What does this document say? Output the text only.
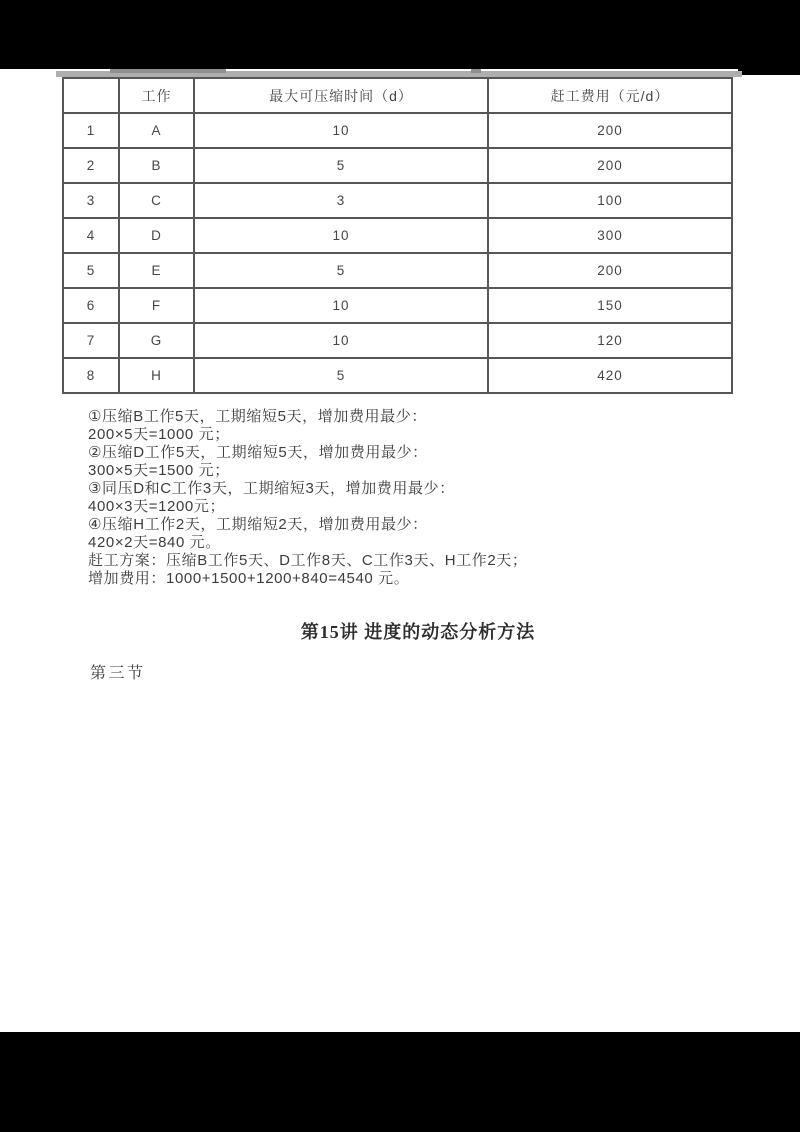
	工作	最大可压缩时间（d）	赶工费用（元/d）
1	A	10	200
2	B	5	200
3	C	3	100
4	D	10	300
5	E	5	200
6	F	10	150
7	G	10	120
8	H	5	420
①压缩B工作5天，工期缩短5天，增加费用最少：
200×5天=1000 元；
②压缩D工作5天，工期缩短5天，增加费用最少：
300×5天=1500 元；
③同压D和C工作3天，工期缩短3天，增加费用最少：
400×3天=1200元；
④压缩H工作2天，工期缩短2天，增加费用最少：
420×2天=840 元。
赶工方案：压缩B工作5天、D工作8天、C工作3天、H工作2天；
增加费用：1000+1500+1200+840=4540 元。
第15讲 进度的动态分析方法
第三节
